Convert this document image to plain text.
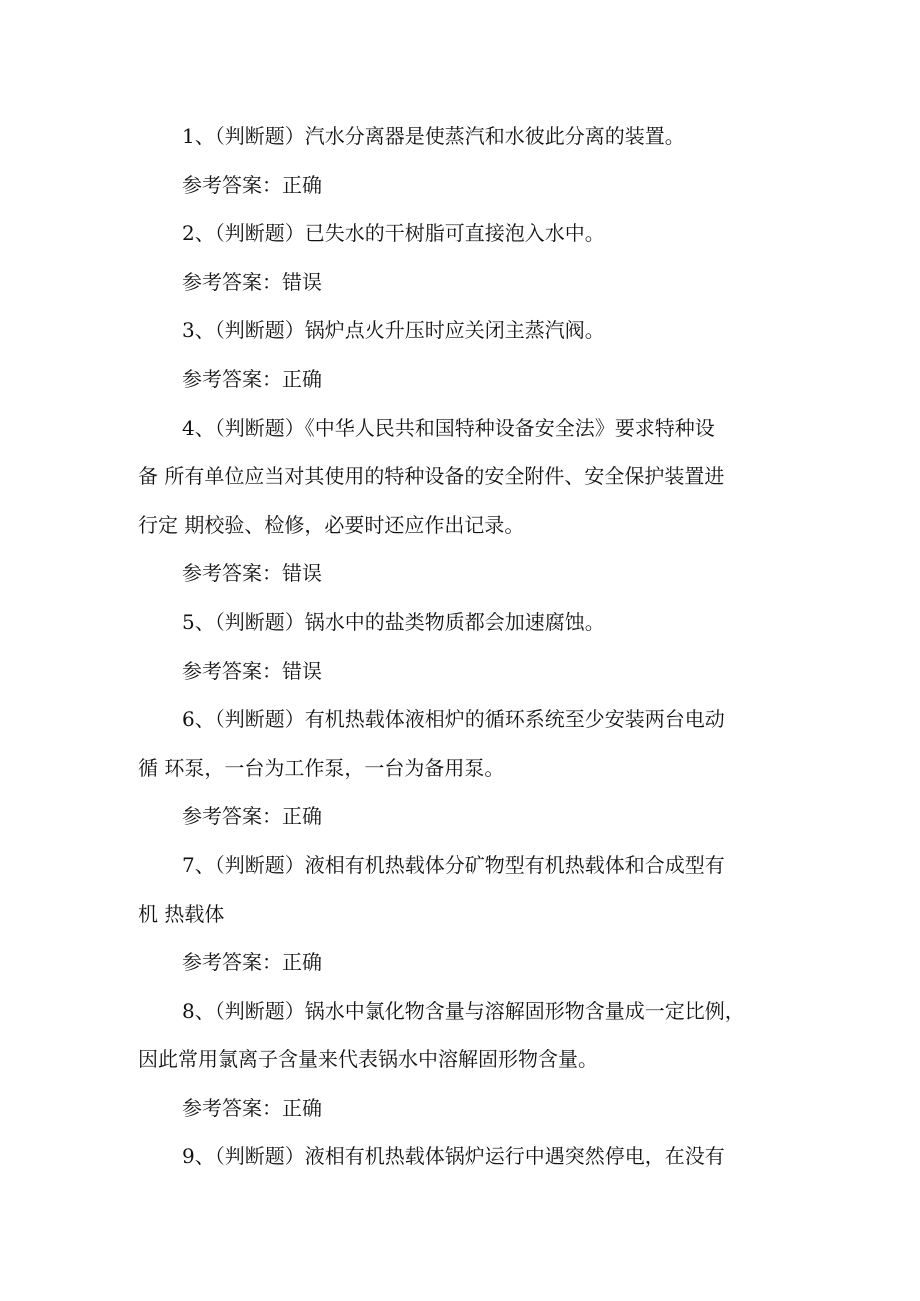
1、（判断题）汽水分离器是使蒸汽和水彼此分离的装置。
参考答案：正确
2、（判断题）已失水的干树脂可直接泡入水中。
参考答案：错误
3、（判断题）锅炉点火升压时应关闭主蒸汽阀。
参考答案：正确
4、（判断题）《中华人民共和国特种设备安全法》要求特种设
备 所有单位应当对其使用的特种设备的安全附件、安全保护装置进
行定 期校验、检修，必要时还应作出记录。
参考答案：错误
5、（判断题）锅水中的盐类物质都会加速腐蚀。
参考答案：错误
6、（判断题）有机热载体液相炉的循环系统至少安装两台电动
循 环泵，一台为工作泵，一台为备用泵。
参考答案：正确
7、（判断题）液相有机热载体分矿物型有机热载体和合成型有
机 热载体
参考答案：正确
8、（判断题）锅水中氯化物含量与溶解固形物含量成一定比例，
因此常用氯离子含量来代表锅水中溶解固形物含量。
参考答案：正确
9、（判断题）液相有机热载体锅炉运行中遇突然停电，在没有
